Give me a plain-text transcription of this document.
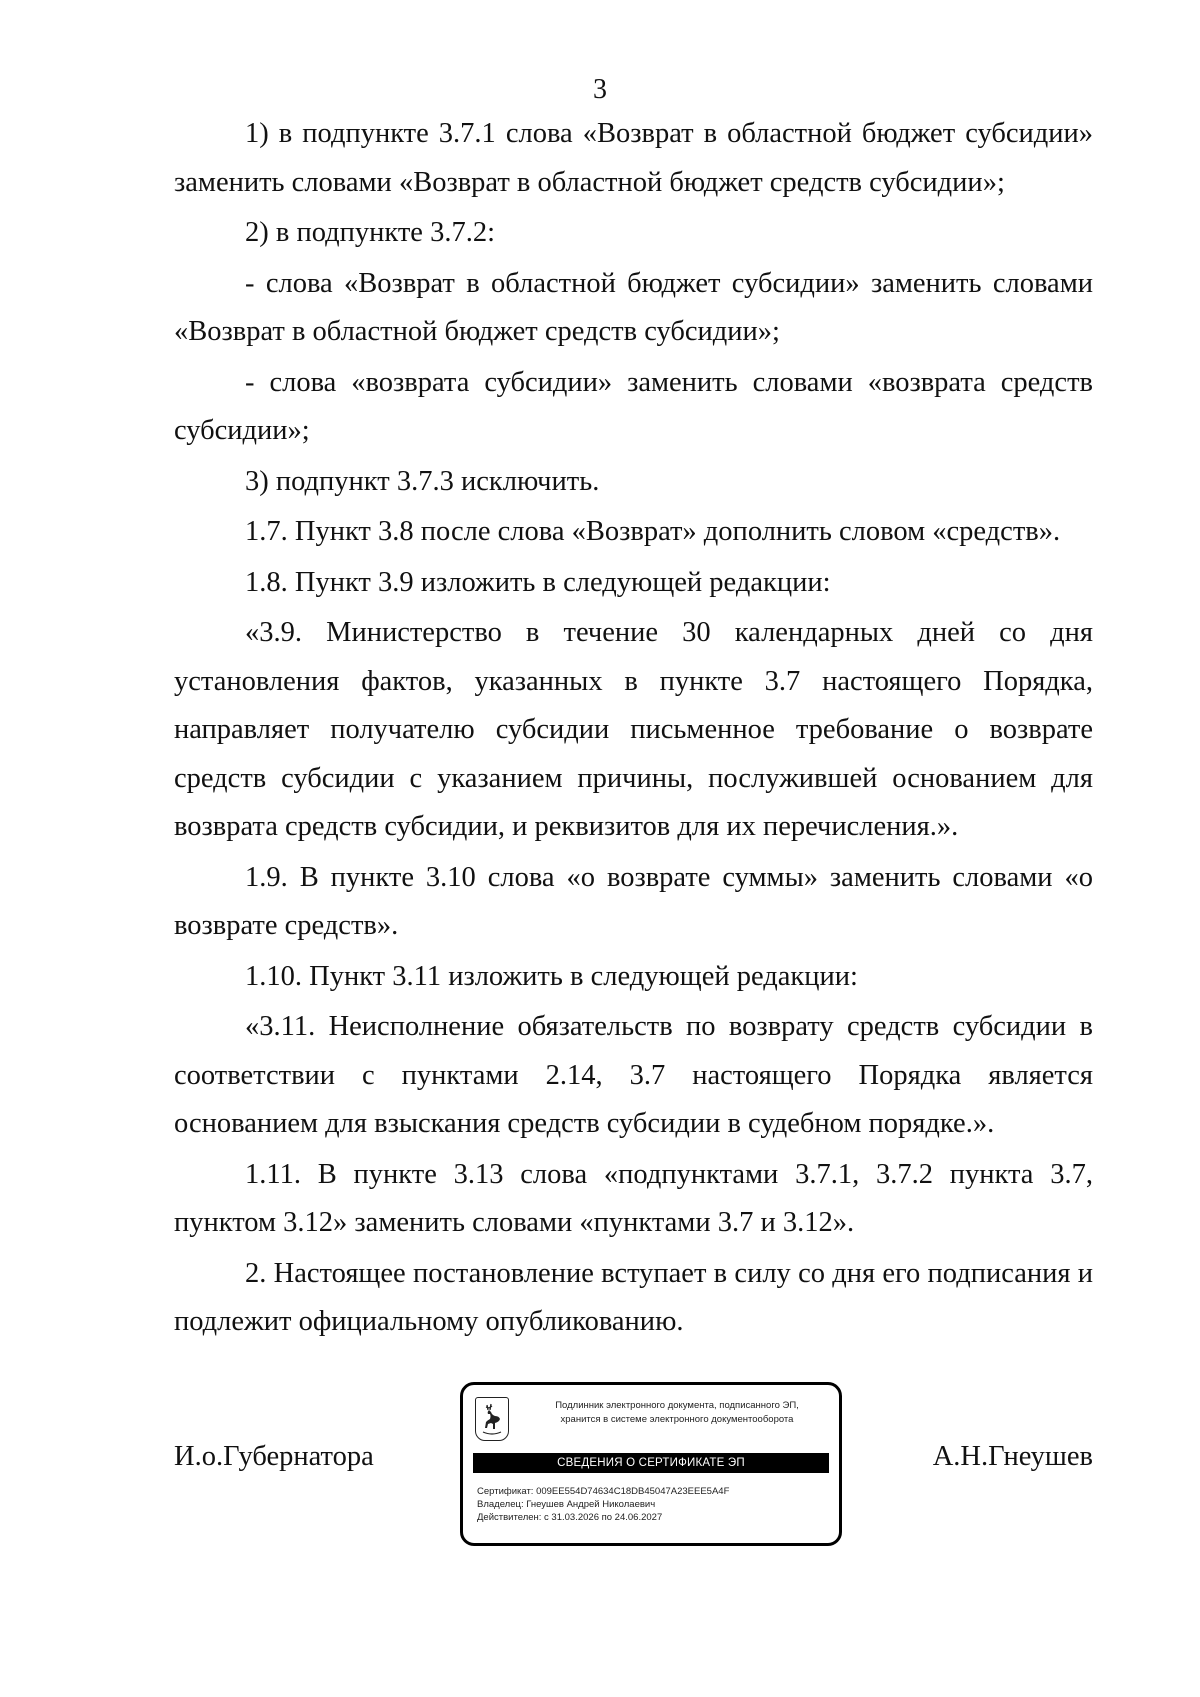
3

1) в подпункте 3.7.1 слова «Возврат в областной бюджет субсидии» заменить словами «Возврат в областной бюджет средств субсидии»;

2) в подпункте 3.7.2:

- слова «Возврат в областной бюджет субсидии» заменить словами «Возврат в областной бюджет средств субсидии»;

- слова «возврата субсидии» заменить словами «возврата средств субсидии»;

3) подпункт 3.7.3 исключить.

1.7. Пункт 3.8 после слова «Возврат» дополнить словом «средств».

1.8. Пункт 3.9 изложить в следующей редакции:

«3.9. Министерство в течение 30 календарных дней со дня установления фактов, указанных в пункте 3.7 настоящего Порядка, направляет получателю субсидии письменное требование о возврате средств субсидии с указанием причины, послужившей основанием для возврата средств субсидии, и реквизитов для их перечисления.».

1.9. В пункте 3.10 слова «о возврате суммы» заменить словами «о возврате средств».

1.10. Пункт 3.11 изложить в следующей редакции:

«3.11. Неисполнение обязательств по возврату средств субсидии в соответствии с пунктами 2.14, 3.7 настоящего Порядка является основанием для взыскания средств субсидии в судебном порядке.».

1.11. В пункте 3.13 слова «подпунктами 3.7.1, 3.7.2 пункта 3.7, пунктом 3.12» заменить словами «пунктами 3.7 и 3.12».

2. Настоящее постановление вступает в силу со дня его подписания и подлежит официальному опубликованию.

И.о.Губернатора
Подлинник электронного документа, подписанного ЭП,
хранится в системе электронного документооборота
СВЕДЕНИЯ О СЕРТИФИКАТЕ ЭП
Сертификат: 009EE554D74634C18DB45047A23EEE5A4F
Владелец: Гнеушев Андрей Николаевич
Действителен: с 31.03.2026 по 24.06.2027
А.Н.Гнеушев
